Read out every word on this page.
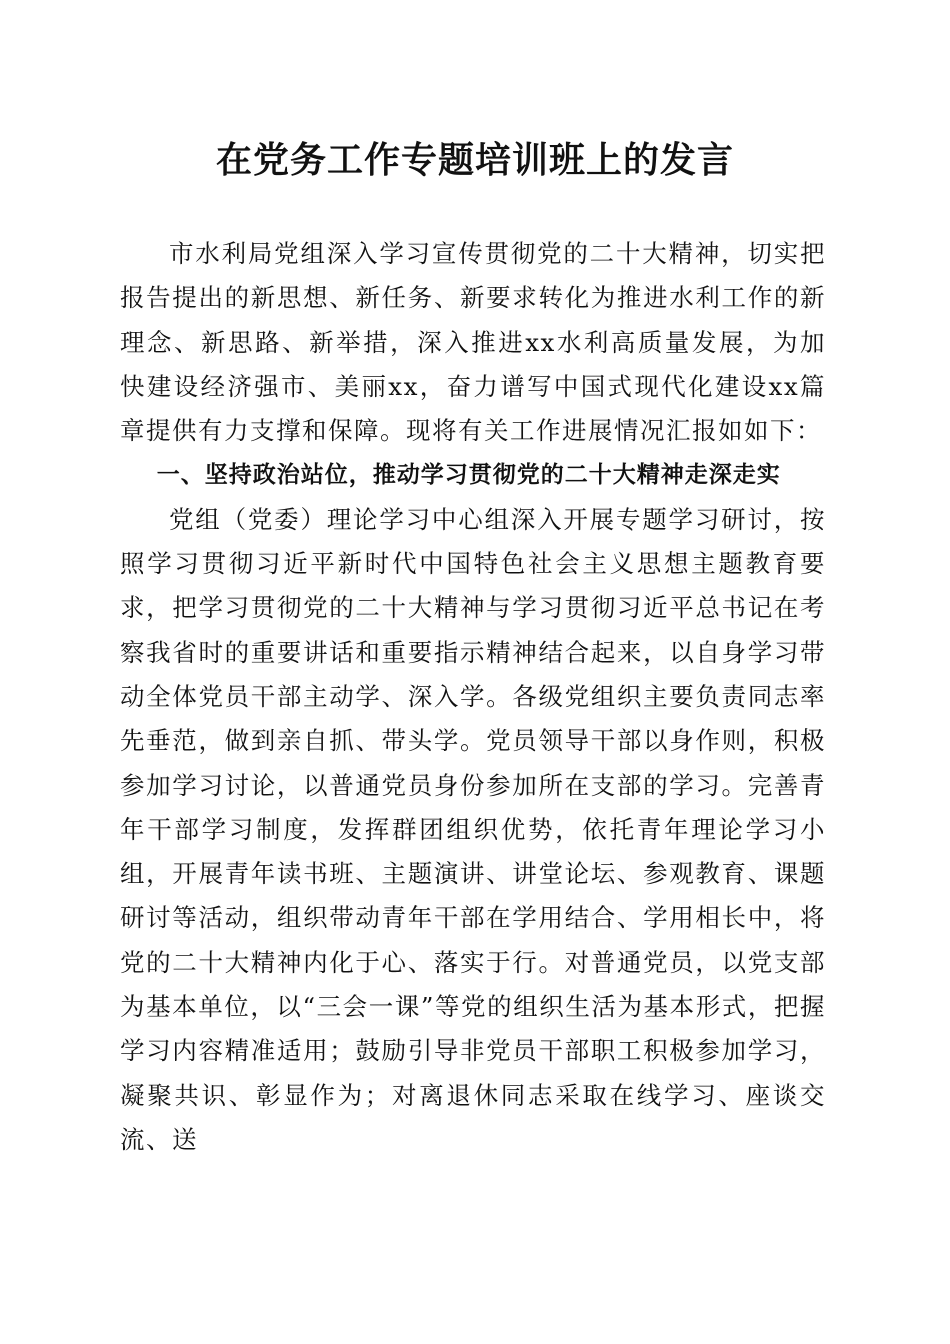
在党务工作专题培训班上的发言

市水利局党组深入学习宣传贯彻党的二十大精神，切实把报告提出的新思想、新任务、新要求转化为推进水利工作的新理念、新思路、新举措，深入推进xx水利高质量发展，为加快建设经济强市、美丽xx，奋力谱写中国式现代化建设xx篇章提供有力支撑和保障。现将有关工作进展情况汇报如如下：

一、坚持政治站位，推动学习贯彻党的二十大精神走深走实

党组（党委）理论学习中心组深入开展专题学习研讨，按照学习贯彻习近平新时代中国特色社会主义思想主题教育要求，把学习贯彻党的二十大精神与学习贯彻习近平总书记在考察我省时的重要讲话和重要指示精神结合起来，以自身学习带动全体党员干部主动学、深入学。各级党组织主要负责同志率先垂范，做到亲自抓、带头学。党员领导干部以身作则，积极参加学习讨论，以普通党员身份参加所在支部的学习。完善青年干部学习制度，发挥群团组织优势，依托青年理论学习小组，开展青年读书班、主题演讲、讲堂论坛、参观教育、课题研讨等活动，组织带动青年干部在学用结合、学用相长中，将党的二十大精神内化于心、落实于行。对普通党员，以党支部为基本单位，以“三会一课”等党的组织生活为基本形式，把握学习内容精准适用；鼓励引导非党员干部职工积极参加学习，凝聚共识、彰显作为；对离退休同志采取在线学习、座谈交流、送
